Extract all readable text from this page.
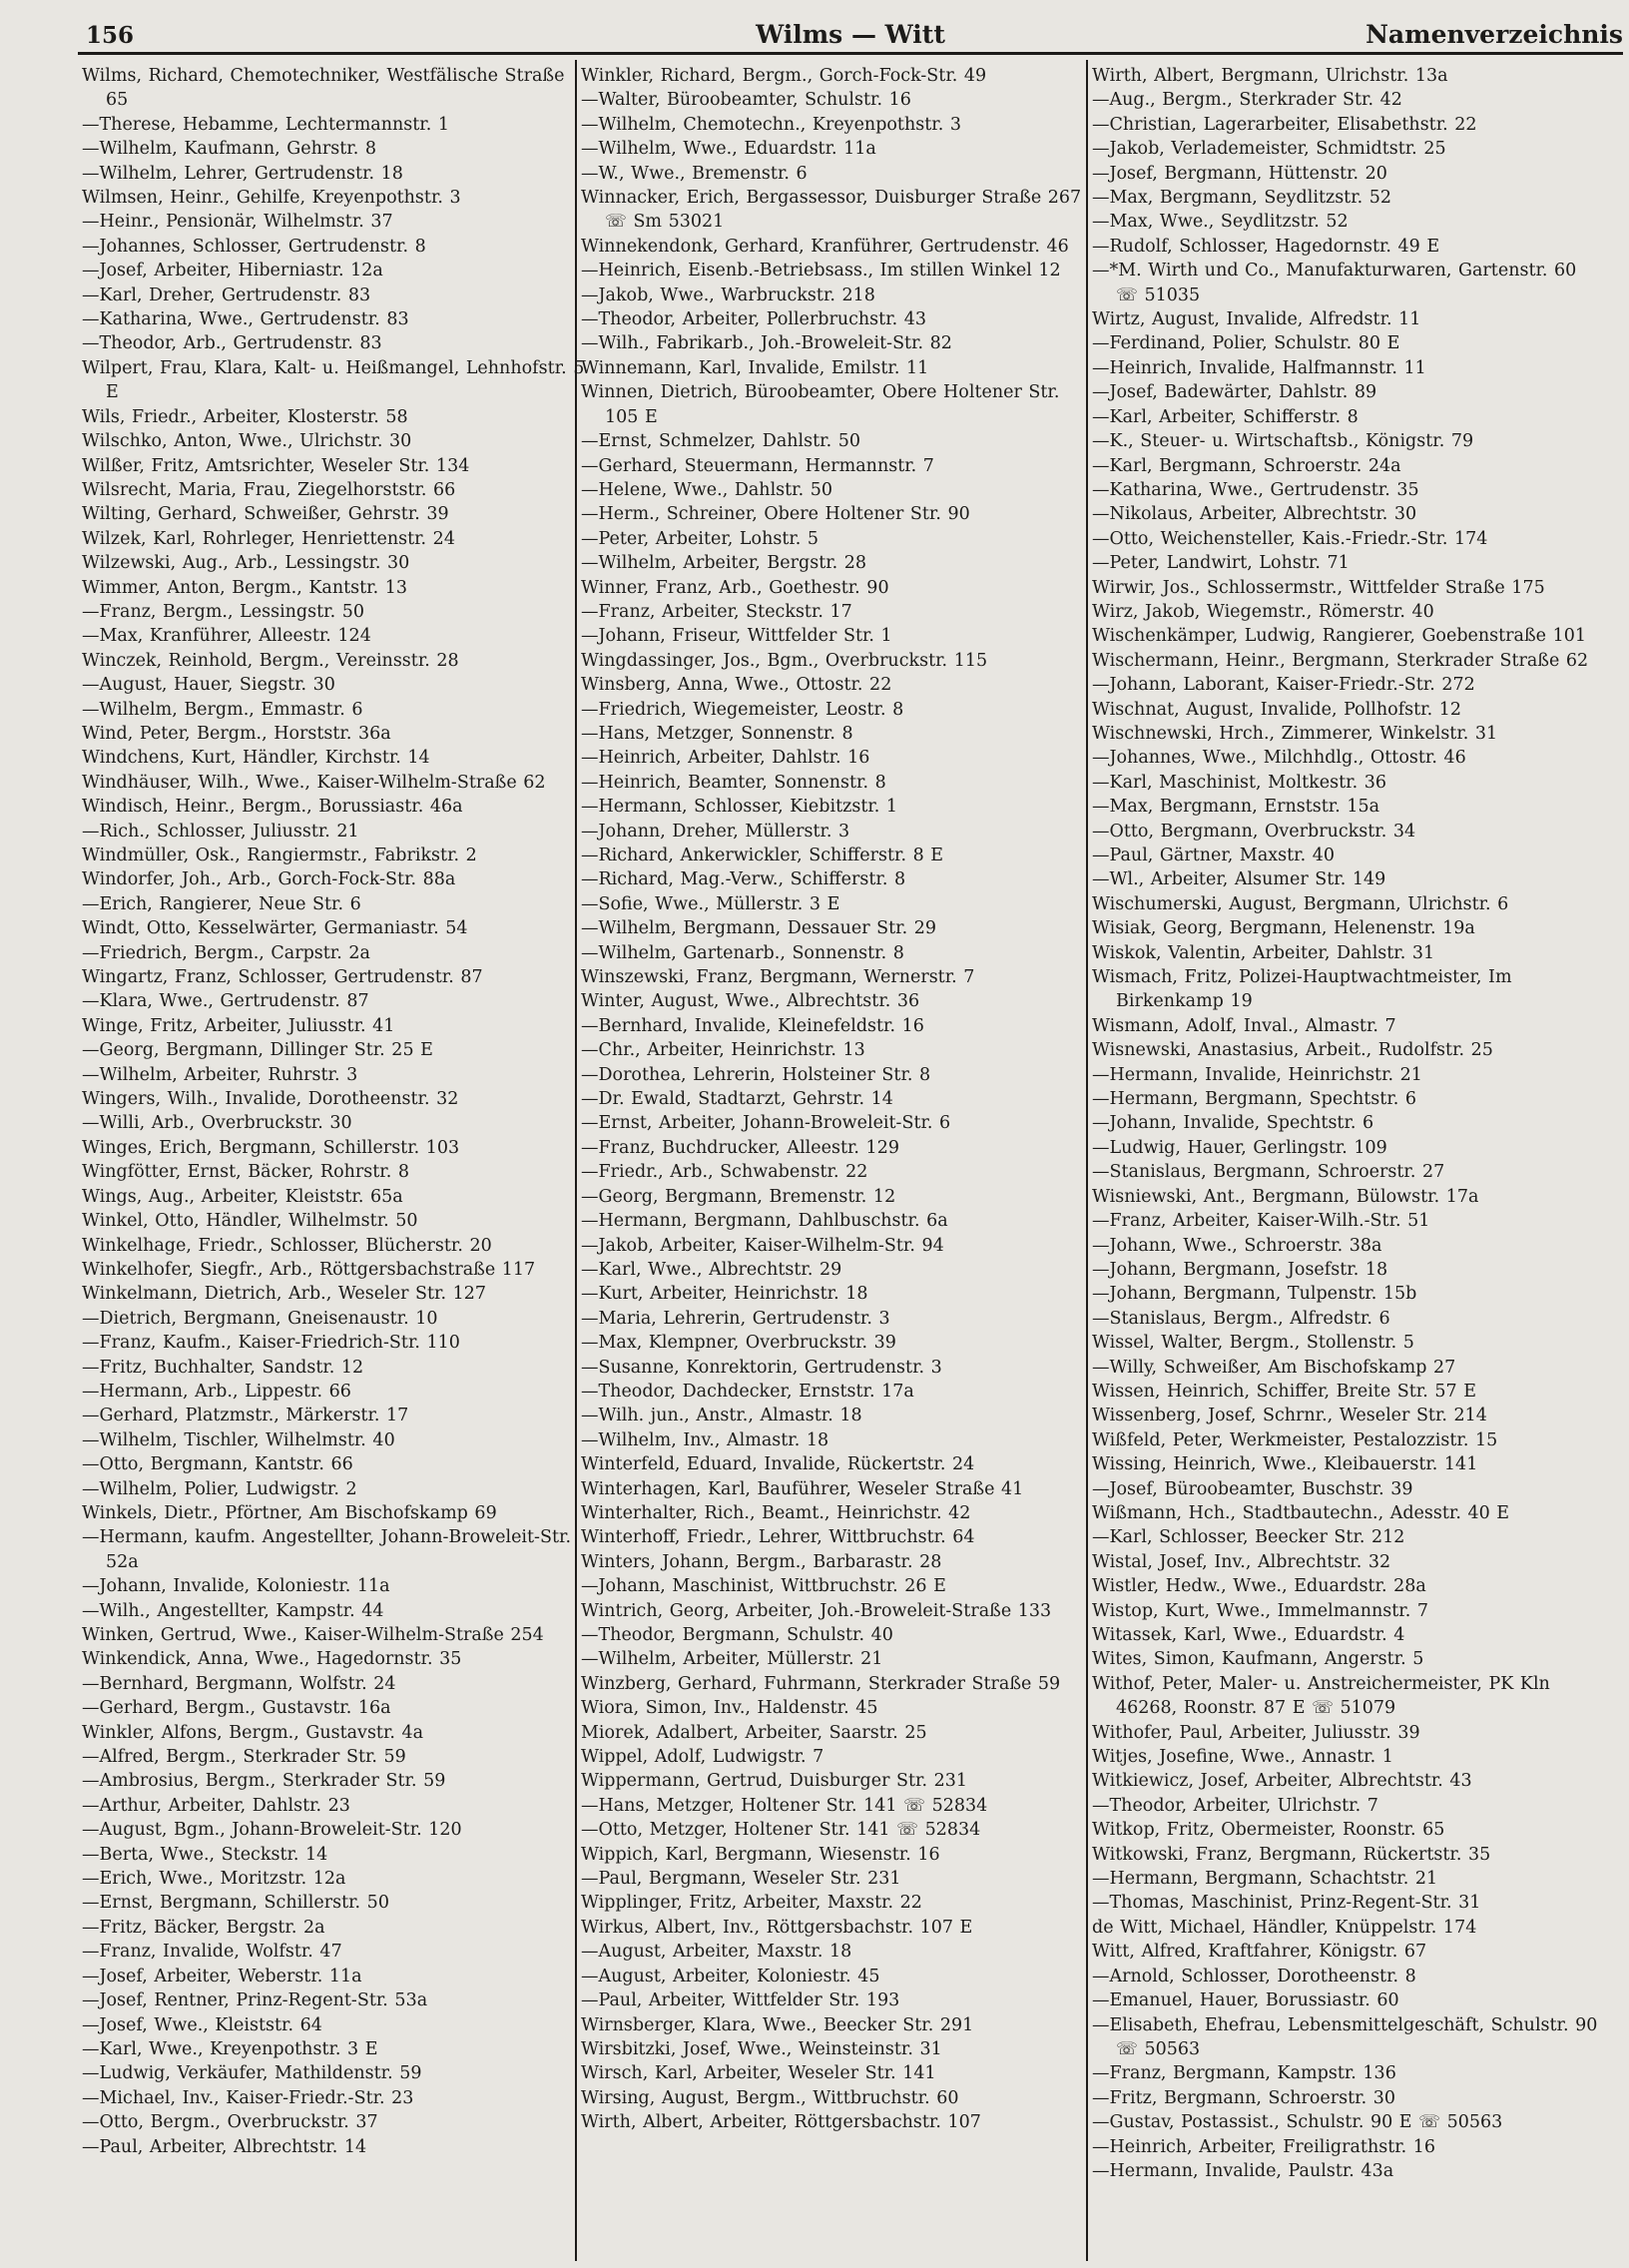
156	Wilms — Witt	Namenverzeichnis

Wilms, Richard, Chemotechniker, Westfälische Straße 65

—Therese, Hebamme, Lechtermannstr. 1

—Wilhelm, Kaufmann, Gehrstr. 8

—Wilhelm, Lehrer, Gertrudenstr. 18

Wilmsen, Heinr., Gehilfe, Kreyenpothstr. 3

—Heinr., Pensionär, Wilhelmstr. 37

—Johannes, Schlosser, Gertrudenstr. 8

—Josef, Arbeiter, Hiberniastr. 12a

—Karl, Dreher, Gertrudenstr. 83

—Katharina, Wwe., Gertrudenstr. 83

—Theodor, Arb., Gertrudenstr. 83

Wilpert, Frau, Klara, Kalt- u. Heißmangel, Lehnhofstr. 5 E

Wils, Friedr., Arbeiter, Klosterstr. 58

Wilschko, Anton, Wwe., Ulrichstr. 30

Wilßer, Fritz, Amtsrichter, Weseler Str. 134

Wilsrecht, Maria, Frau, Ziegelhorststr. 66

Wilting, Gerhard, Schweißer, Gehrstr. 39

Wilzek, Karl, Rohrleger, Henriettenstr. 24

Wilzewski, Aug., Arb., Lessingstr. 30

Wimmer, Anton, Bergm., Kantstr. 13

—Franz, Bergm., Lessingstr. 50

—Max, Kranführer, Alleestr. 124

Winczek, Reinhold, Bergm., Vereinsstr. 28

—August, Hauer, Siegstr. 30

—Wilhelm, Bergm., Emmastr. 6

Wind, Peter, Bergm., Horststr. 36a

Windchens, Kurt, Händler, Kirchstr. 14

Windhäuser, Wilh., Wwe., Kaiser-Wilhelm-Straße 62

Windisch, Heinr., Bergm., Borussiastr. 46a

—Rich., Schlosser, Juliusstr. 21

Windmüller, Osk., Rangiermstr., Fabrikstr. 2

Windorfer, Joh., Arb., Gorch-Fock-Str. 88a

—Erich, Rangierer, Neue Str. 6

Windt, Otto, Kesselwärter, Germaniastr. 54

—Friedrich, Bergm., Carpstr. 2a

Wingartz, Franz, Schlosser, Gertrudenstr. 87

—Klara, Wwe., Gertrudenstr. 87

Winge, Fritz, Arbeiter, Juliusstr. 41

—Georg, Bergmann, Dillinger Str. 25 E

—Wilhelm, Arbeiter, Ruhrstr. 3

Wingers, Wilh., Invalide, Dorotheenstr. 32

—Willi, Arb., Overbruckstr. 30

Winges, Erich, Bergmann, Schillerstr. 103

Wingfötter, Ernst, Bäcker, Rohrstr. 8

Wings, Aug., Arbeiter, Kleiststr. 65a

Winkel, Otto, Händler, Wilhelmstr. 50

Winkelhage, Friedr., Schlosser, Blücherstr. 20

Winkelhofer, Siegfr., Arb., Röttgersbachstraße 117

Winkelmann, Dietrich, Arb., Weseler Str. 127

—Dietrich, Bergmann, Gneisenaustr. 10

—Franz, Kaufm., Kaiser-Friedrich-Str. 110

—Fritz, Buchhalter, Sandstr. 12

—Hermann, Arb., Lippestr. 66

—Gerhard, Platzmstr., Märkerstr. 17

—Wilhelm, Tischler, Wilhelmstr. 40

—Otto, Bergmann, Kantstr. 66

—Wilhelm, Polier, Ludwigstr. 2

Winkels, Dietr., Pförtner, Am Bischofskamp 69

—Hermann, kaufm. Angestellter, Johann-Broweleit-Str. 52a

—Johann, Invalide, Koloniestr. 11a

—Wilh., Angestellter, Kampstr. 44

Winken, Gertrud, Wwe., Kaiser-Wilhelm-Straße 254

Winkendick, Anna, Wwe., Hagedornstr. 35

—Bernhard, Bergmann, Wolfstr. 24

—Gerhard, Bergm., Gustavstr. 16a

Winkler, Alfons, Bergm., Gustavstr. 4a

—Alfred, Bergm., Sterkrader Str. 59

—Ambrosius, Bergm., Sterkrader Str. 59

—Arthur, Arbeiter, Dahlstr. 23

—August, Bgm., Johann-Broweleit-Str. 120

—Berta, Wwe., Steckstr. 14

—Erich, Wwe., Moritzstr. 12a

—Ernst, Bergmann, Schillerstr. 50

—Fritz, Bäcker, Bergstr. 2a

—Franz, Invalide, Wolfstr. 47

—Josef, Arbeiter, Weberstr. 11a

—Josef, Rentner, Prinz-Regent-Str. 53a

—Josef, Wwe., Kleiststr. 64

—Karl, Wwe., Kreyenpothstr. 3 E

—Ludwig, Verkäufer, Mathildenstr. 59

—Michael, Inv., Kaiser-Friedr.-Str. 23

—Otto, Bergm., Overbruckstr. 37

—Paul, Arbeiter, Albrechtstr. 14

Winkler, Richard, Bergm., Gorch-Fock-Str. 49

—Walter, Büroobeamter, Schulstr. 16

—Wilhelm, Chemotechn., Kreyenpothstr. 3

—Wilhelm, Wwe., Eduardstr. 11a

—W., Wwe., Bremenstr. 6

Winnacker, Erich, Bergassessor, Duisburger Straße 267 ☏ Sm 53021

Winnekendonk, Gerhard, Kranführer, Gertrudenstr. 46

—Heinrich, Eisenb.-Betriebsass., Im stillen Winkel 12

—Jakob, Wwe., Warbruckstr. 218

—Theodor, Arbeiter, Pollerbruchstr. 43

—Wilh., Fabrikarb., Joh.-Broweleit-Str. 82

Winnemann, Karl, Invalide, Emilstr. 11

Winnen, Dietrich, Büroobeamter, Obere Holtener Str. 105 E

—Ernst, Schmelzer, Dahlstr. 50

—Gerhard, Steuermann, Hermannstr. 7

—Helene, Wwe., Dahlstr. 50

—Herm., Schreiner, Obere Holtener Str. 90

—Peter, Arbeiter, Lohstr. 5

—Wilhelm, Arbeiter, Bergstr. 28

Winner, Franz, Arb., Goethestr. 90

—Franz, Arbeiter, Steckstr. 17

—Johann, Friseur, Wittfelder Str. 1

Wingdassinger, Jos., Bgm., Overbruckstr. 115

Winsberg, Anna, Wwe., Ottostr. 22

—Friedrich, Wiegemeister, Leostr. 8

—Hans, Metzger, Sonnenstr. 8

—Heinrich, Arbeiter, Dahlstr. 16

—Heinrich, Beamter, Sonnenstr. 8

—Hermann, Schlosser, Kiebitzstr. 1

—Johann, Dreher, Müllerstr. 3

—Richard, Ankerwickler, Schifferstr. 8 E

—Richard, Mag.-Verw., Schifferstr. 8

—Sofie, Wwe., Müllerstr. 3 E

—Wilhelm, Bergmann, Dessauer Str. 29

—Wilhelm, Gartenarb., Sonnenstr. 8

Winszewski, Franz, Bergmann, Wernerstr. 7

Winter, August, Wwe., Albrechtstr. 36

—Bernhard, Invalide, Kleinefeldstr. 16

—Chr., Arbeiter, Heinrichstr. 13

—Dorothea, Lehrerin, Holsteiner Str. 8

—Dr. Ewald, Stadtarzt, Gehrstr. 14

—Ernst, Arbeiter, Johann-Broweleit-Str. 6

—Franz, Buchdrucker, Alleestr. 129

—Friedr., Arb., Schwabenstr. 22

—Georg, Bergmann, Bremenstr. 12

—Hermann, Bergmann, Dahlbuschstr. 6a

—Jakob, Arbeiter, Kaiser-Wilhelm-Str. 94

—Karl, Wwe., Albrechtstr. 29

—Kurt, Arbeiter, Heinrichstr. 18

—Maria, Lehrerin, Gertrudenstr. 3

—Max, Klempner, Overbruckstr. 39

—Susanne, Konrektorin, Gertrudenstr. 3

—Theodor, Dachdecker, Ernststr. 17a

—Wilh. jun., Anstr., Almastr. 18

—Wilhelm, Inv., Almastr. 18

Winterfeld, Eduard, Invalide, Rückertstr. 24

Winterhagen, Karl, Bauführer, Weseler Straße 41

Winterhalter, Rich., Beamt., Heinrichstr. 42

Winterhoff, Friedr., Lehrer, Wittbruchstr. 64

Winters, Johann, Bergm., Barbarastr. 28

—Johann, Maschinist, Wittbruchstr. 26 E

Wintrich, Georg, Arbeiter, Joh.-Broweleit-Straße 133

—Theodor, Bergmann, Schulstr. 40

—Wilhelm, Arbeiter, Müllerstr. 21

Winzberg, Gerhard, Fuhrmann, Sterkrader Straße 59

Wiora, Simon, Inv., Haldenstr. 45

Miorek, Adalbert, Arbeiter, Saarstr. 25

Wippel, Adolf, Ludwigstr. 7

Wippermann, Gertrud, Duisburger Str. 231

—Hans, Metzger, Holtener Str. 141 ☏ 52834

—Otto, Metzger, Holtener Str. 141 ☏ 52834

Wippich, Karl, Bergmann, Wiesenstr. 16

—Paul, Bergmann, Weseler Str. 231

Wipplinger, Fritz, Arbeiter, Maxstr. 22

Wirkus, Albert, Inv., Röttgersbachstr. 107 E

—August, Arbeiter, Maxstr. 18

—August, Arbeiter, Koloniestr. 45

—Paul, Arbeiter, Wittfelder Str. 193

Wirnsberger, Klara, Wwe., Beecker Str. 291

Wirsbitzki, Josef, Wwe., Weinsteinstr. 31

Wirsch, Karl, Arbeiter, Weseler Str. 141

Wirsing, August, Bergm., Wittbruchstr. 60

Wirth, Albert, Arbeiter, Röttgersbachstr. 107

Wirth, Albert, Bergmann, Ulrichstr. 13a

—Aug., Bergm., Sterkrader Str. 42

—Christian, Lagerarbeiter, Elisabethstr. 22

—Jakob, Verlademeister, Schmidtstr. 25

—Josef, Bergmann, Hüttenstr. 20

—Max, Bergmann, Seydlitzstr. 52

—Max, Wwe., Seydlitzstr. 52

—Rudolf, Schlosser, Hagedornstr. 49 E

—*M. Wirth und Co., Manufakturwaren, Gartenstr. 60 ☏ 51035

Wirtz, August, Invalide, Alfredstr. 11

—Ferdinand, Polier, Schulstr. 80 E

—Heinrich, Invalide, Halfmannstr. 11

—Josef, Badewärter, Dahlstr. 89

—Karl, Arbeiter, Schifferstr. 8

—K., Steuer- u. Wirtschaftsb., Königstr. 79

—Karl, Bergmann, Schroerstr. 24a

—Katharina, Wwe., Gertrudenstr. 35

—Nikolaus, Arbeiter, Albrechtstr. 30

—Otto, Weichensteller, Kais.-Friedr.-Str. 174

—Peter, Landwirt, Lohstr. 71

Wirwir, Jos., Schlossermstr., Wittfelder Straße 175

Wirz, Jakob, Wiegemstr., Römerstr. 40

Wischenkämper, Ludwig, Rangierer, Goebenstraße 101

Wischermann, Heinr., Bergmann, Sterkrader Straße 62

—Johann, Laborant, Kaiser-Friedr.-Str. 272

Wischnat, August, Invalide, Pollhofstr. 12

Wischnewski, Hrch., Zimmerer, Winkelstr. 31

—Johannes, Wwe., Milchhdlg., Ottostr. 46

—Karl, Maschinist, Moltkestr. 36

—Max, Bergmann, Ernststr. 15a

—Otto, Bergmann, Overbruckstr. 34

—Paul, Gärtner, Maxstr. 40

—Wl., Arbeiter, Alsumer Str. 149

Wischumerski, August, Bergmann, Ulrichstr. 6

Wisiak, Georg, Bergmann, Helenenstr. 19a

Wiskok, Valentin, Arbeiter, Dahlstr. 31

Wismach, Fritz, Polizei-Hauptwachtmeister, Im Birkenkamp 19

Wismann, Adolf, Inval., Almastr. 7

Wisnewski, Anastasius, Arbeit., Rudolfstr. 25

—Hermann, Invalide, Heinrichstr. 21

—Hermann, Bergmann, Spechtstr. 6

—Johann, Invalide, Spechtstr. 6

—Ludwig, Hauer, Gerlingstr. 109

—Stanislaus, Bergmann, Schroerstr. 27

Wisniewski, Ant., Bergmann, Bülowstr. 17a

—Franz, Arbeiter, Kaiser-Wilh.-Str. 51

—Johann, Wwe., Schroerstr. 38a

—Johann, Bergmann, Josefstr. 18

—Johann, Bergmann, Tulpenstr. 15b

—Stanislaus, Bergm., Alfredstr. 6

Wissel, Walter, Bergm., Stollenstr. 5

—Willy, Schweißer, Am Bischofskamp 27

Wissen, Heinrich, Schiffer, Breite Str. 57 E

Wissenberg, Josef, Schrnr., Weseler Str. 214

Wißfeld, Peter, Werkmeister, Pestalozzistr. 15

Wissing, Heinrich, Wwe., Kleibauerstr. 141

—Josef, Büroobeamter, Buschstr. 39

Wißmann, Hch., Stadtbautechn., Adesstr. 40 E

—Karl, Schlosser, Beecker Str. 212

Wistal, Josef, Inv., Albrechtstr. 32

Wistler, Hedw., Wwe., Eduardstr. 28a

Wistop, Kurt, Wwe., Immelmannstr. 7

Witassek, Karl, Wwe., Eduardstr. 4

Wites, Simon, Kaufmann, Angerstr. 5

Withof, Peter, Maler- u. Anstreichermeister, PK Kln 46268, Roonstr. 87 E ☏ 51079

Withofer, Paul, Arbeiter, Juliusstr. 39

Witjes, Josefine, Wwe., Annastr. 1

Witkiewicz, Josef, Arbeiter, Albrechtstr. 43

—Theodor, Arbeiter, Ulrichstr. 7

Witkop, Fritz, Obermeister, Roonstr. 65

Witkowski, Franz, Bergmann, Rückertstr. 35

—Hermann, Bergmann, Schachtstr. 21

—Thomas, Maschinist, Prinz-Regent-Str. 31

de Witt, Michael, Händler, Knüppelstr. 174

Witt, Alfred, Kraftfahrer, Königstr. 67

—Arnold, Schlosser, Dorotheenstr. 8

—Emanuel, Hauer, Borussiastr. 60

—Elisabeth, Ehefrau, Lebensmittelgeschäft, Schulstr. 90 ☏ 50563

—Franz, Bergmann, Kampstr. 136

—Fritz, Bergmann, Schroerstr. 30

—Gustav, Postassist., Schulstr. 90 E ☏ 50563

—Heinrich, Arbeiter, Freiligrathstr. 16

—Hermann, Invalide, Paulstr. 43a
